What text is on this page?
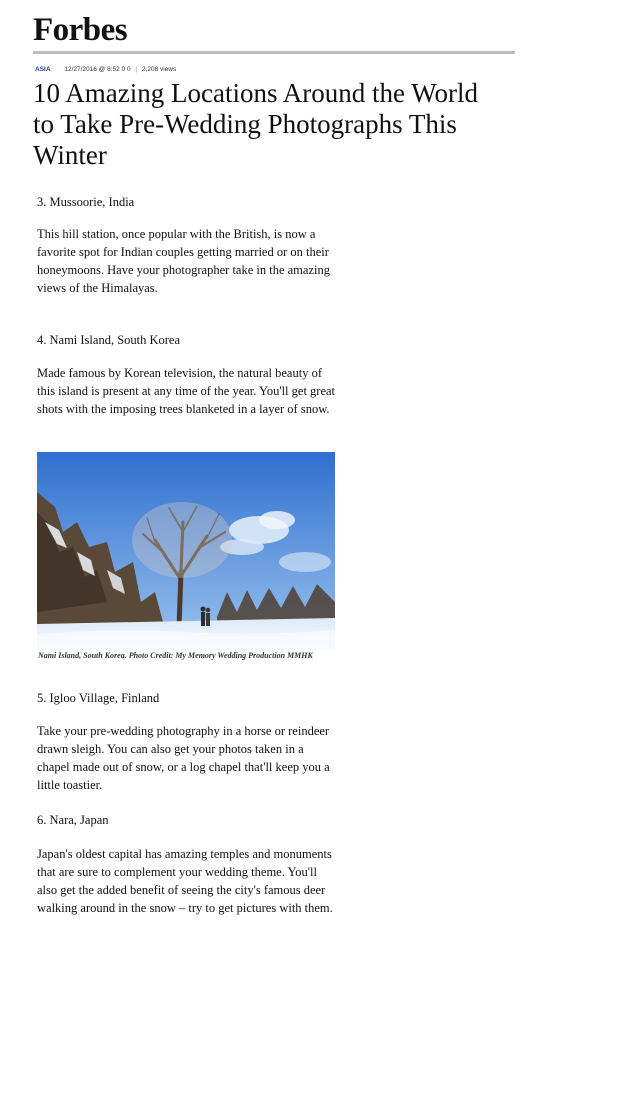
Forbes
ASIA 12/27/2016 @ 8:52 0 0 | 2,208 views
10 Amazing Locations Around the World to Take Pre-Wedding Photographs This Winter

3. Mussoorie, India

This hill station, once popular with the British, is now a favorite spot for Indian couples getting married or on their honeymoons. Have your photographer take in the amazing views of the Himalayas.

4. Nami Island, South Korea

Made famous by Korean television, the natural beauty of this island is present at any time of the year. You'll get great shots with the imposing trees blanketed in a layer of snow.

Nami Island, South Korea. Photo Credit: My Memory Wedding Production MMHK

5. Igloo Village, Finland

Take your pre-wedding photography in a horse or reindeer drawn sleigh. You can also get your photos taken in a chapel made out of snow, or a log chapel that'll keep you a little toastier.

6. Nara, Japan

Japan's oldest capital has amazing temples and monuments that are sure to complement your wedding theme. You'll also get the added benefit of seeing the city's famous deer walking around in the snow – try to get pictures with them.
